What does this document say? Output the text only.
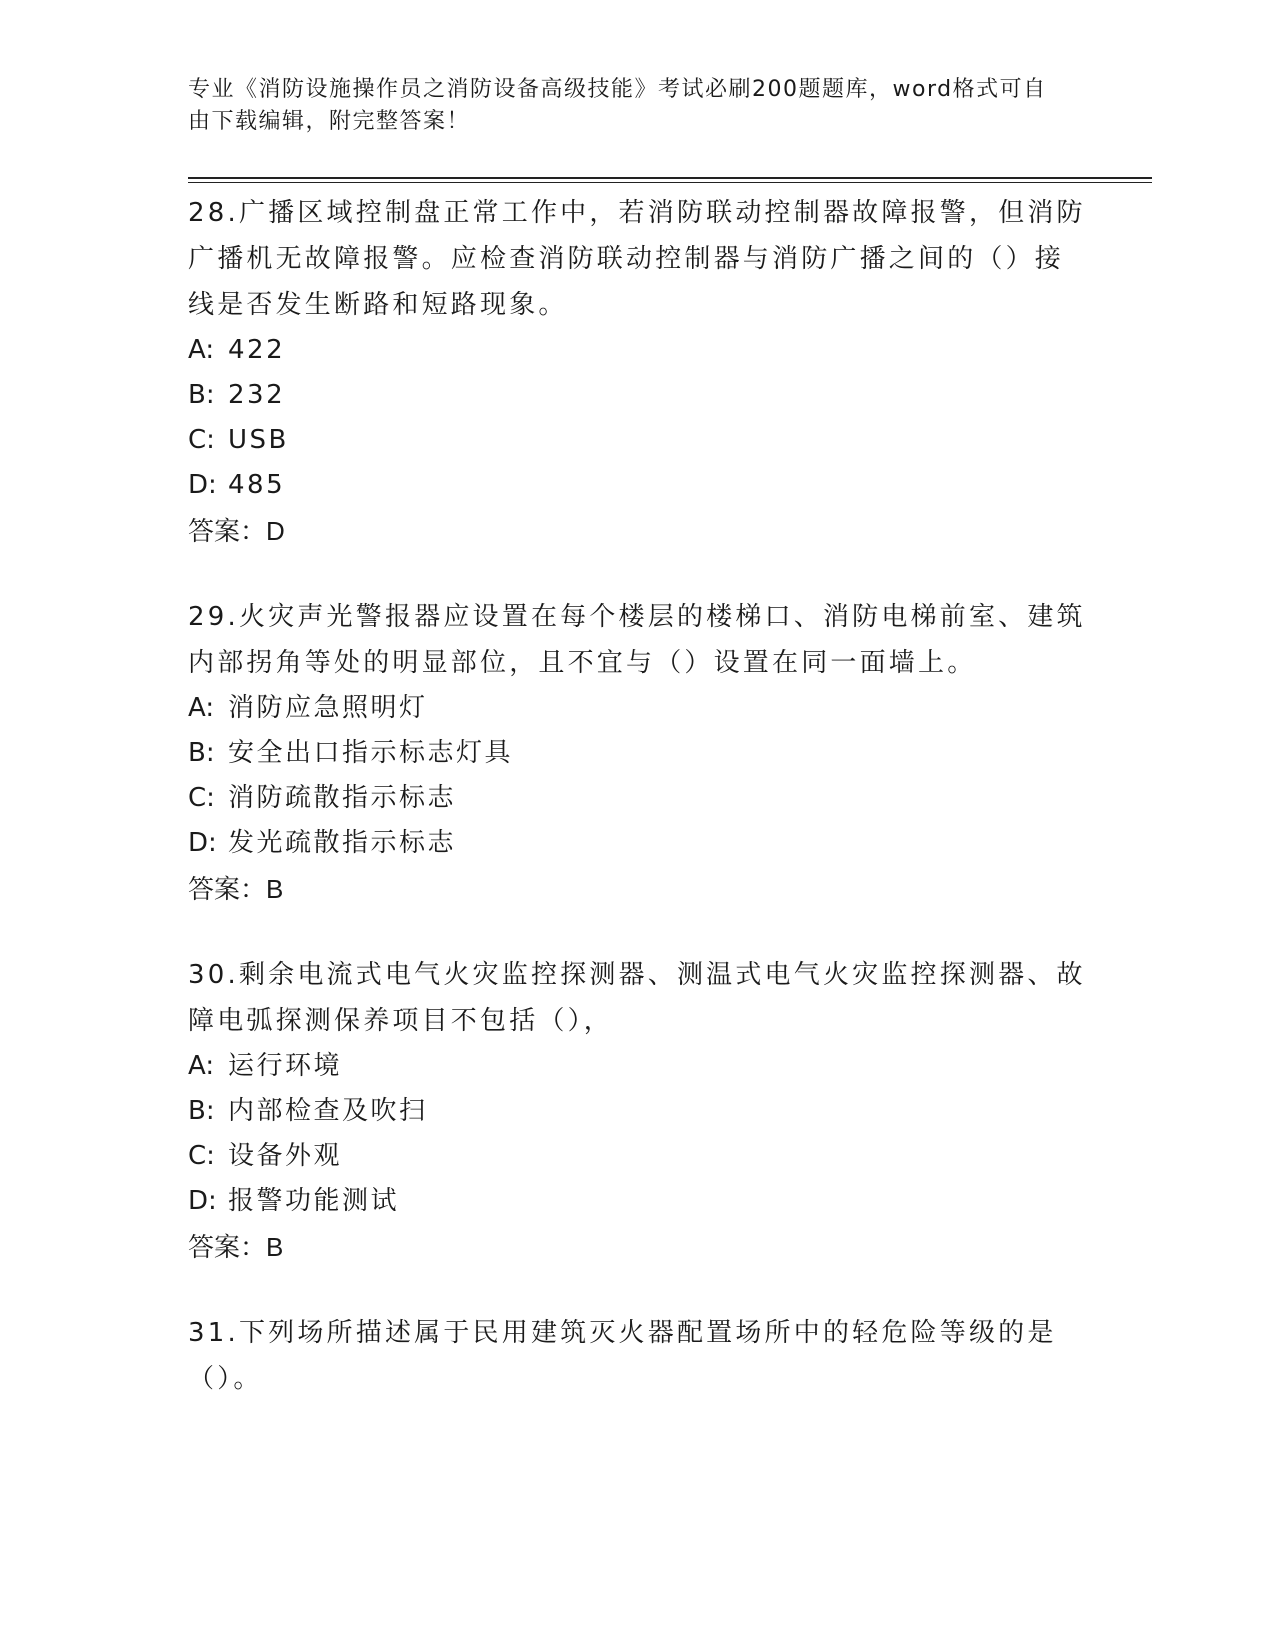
专业《消防设施操作员之消防设备高级技能》考试必刷200题题库，word格式可自由下载编辑，附完整答案！

28.广播区域控制盘正常工作中，若消防联动控制器故障报警，但消防广播机无故障报警。应检查消防联动控制器与消防广播之间的（）接线是否发生断路和短路现象。

A: 422

B: 232

C: USB

D: 485

答案：D

29.火灾声光警报器应设置在每个楼层的楼梯口、消防电梯前室、建筑内部拐角等处的明显部位，且不宜与（）设置在同一面墙上。

A: 消防应急照明灯

B: 安全出口指示标志灯具

C: 消防疏散指示标志

D: 发光疏散指示标志

答案：B

30.剩余电流式电气火灾监控探测器、测温式电气火灾监控探测器、故障电弧探测保养项目不包括（），

A: 运行环境

B: 内部检查及吹扫

C: 设备外观

D: 报警功能测试

答案：B

31.下列场所描述属于民用建筑灭火器配置场所中的轻危险等级的是（）。
